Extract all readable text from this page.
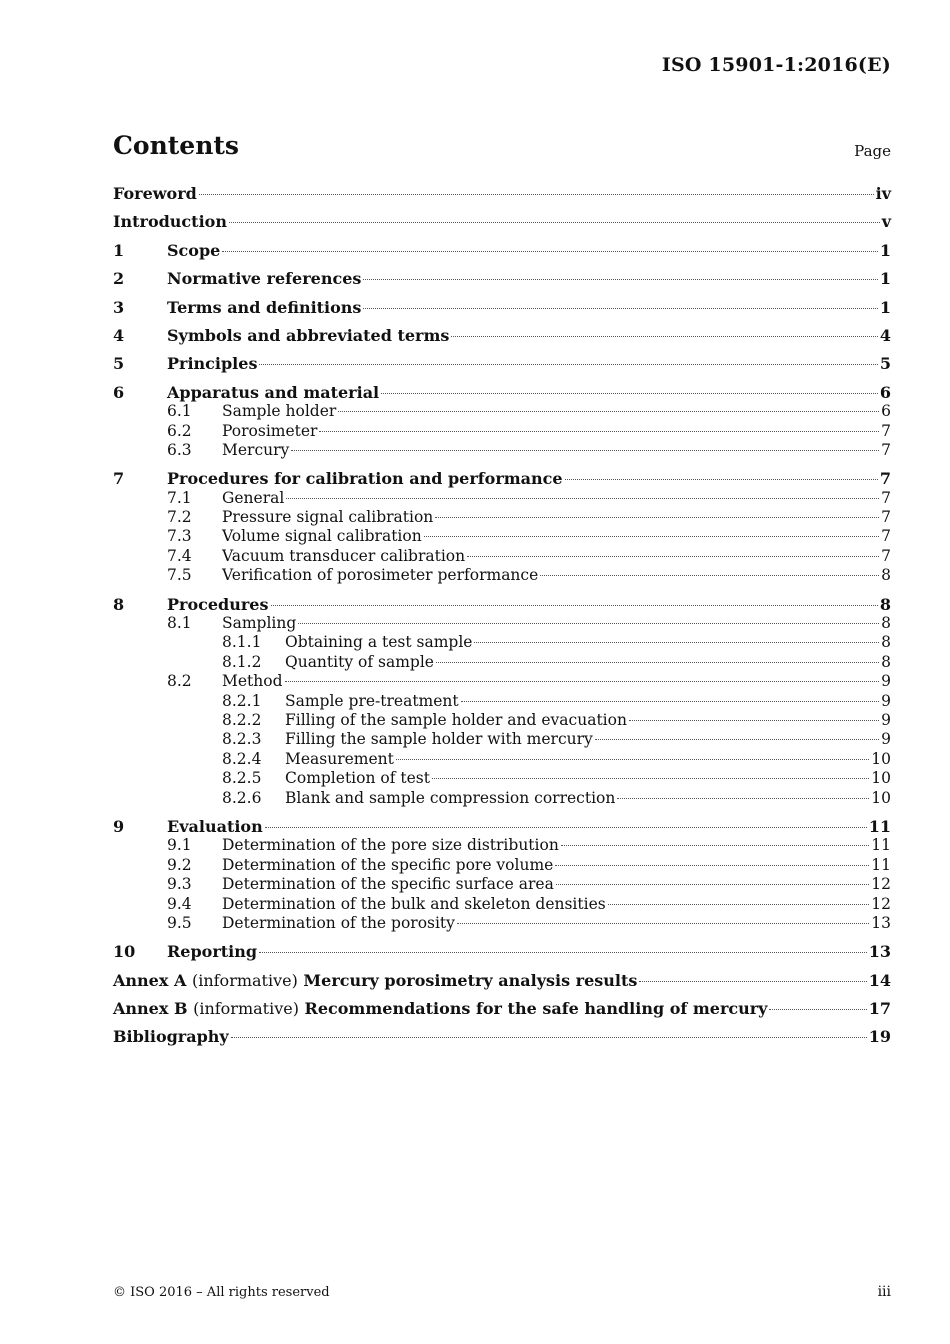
ISO 15901-1:2016(E)
Contents	Page
Foreword	iv
Introduction	v
1	Scope	1
2	Normative references	1
3	Terms and definitions	1
4	Symbols and abbreviated terms	4
5	Principles	5
6	Apparatus and material	6
6.1	Sample holder	6
6.2	Porosimeter	7
6.3	Mercury	7
7	Procedures for calibration and performance	7
7.1	General	7
7.2	Pressure signal calibration	7
7.3	Volume signal calibration	7
7.4	Vacuum transducer calibration	7
7.5	Verification of porosimeter performance	8
8	Procedures	8
8.1	Sampling	8
8.1.1	Obtaining a test sample	8
8.1.2	Quantity of sample	8
8.2	Method	9
8.2.1	Sample pre-treatment	9
8.2.2	Filling of the sample holder and evacuation	9
8.2.3	Filling the sample holder with mercury	9
8.2.4	Measurement	10
8.2.5	Completion of test	10
8.2.6	Blank and sample compression correction	10
9	Evaluation	11
9.1	Determination of the pore size distribution	11
9.2	Determination of the specific pore volume	11
9.3	Determination of the specific surface area	12
9.4	Determination of the bulk and skeleton densities	12
9.5	Determination of the porosity	13
10	Reporting	13
Annex A (informative) Mercury porosimetry analysis results	14
Annex B (informative) Recommendations for the safe handling of mercury	17
Bibliography	19
© ISO 2016 – All rights reserved	iii
